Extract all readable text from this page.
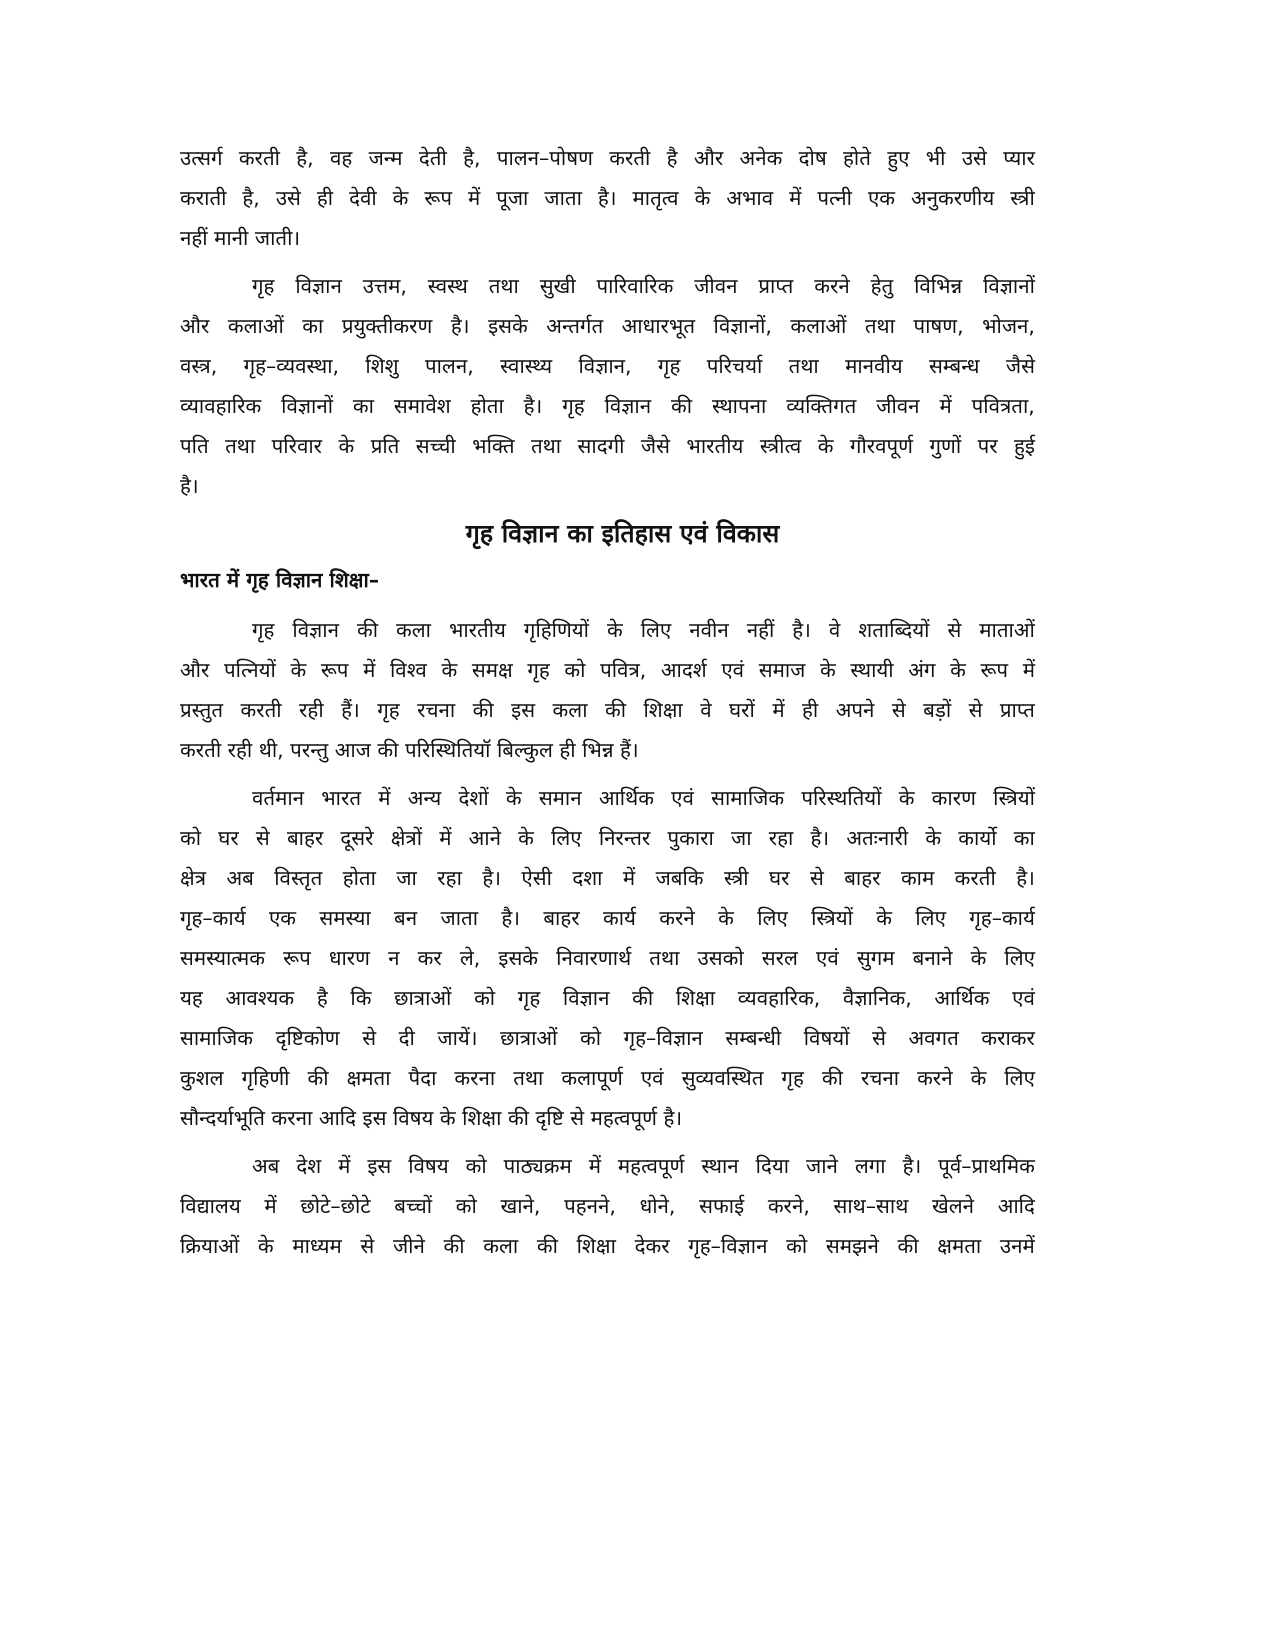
उत्सर्ग करती है, वह जन्म देती है, पालन–पोषण करती है और अनेक दोष होते हुए भी उसे प्यार
कराती है, उसे ही देवी के रूप में पूजा जाता है। मातृत्व के अभाव में पत्नी एक अनुकरणीय स्त्री
नहीं मानी जाती।
गृह विज्ञान उत्तम, स्वस्थ तथा सुखी पारिवारिक जीवन प्राप्त करने हेतु विभिन्न विज्ञानों
और कलाओं का प्रयुक्तीकरण है। इसके अन्तर्गत आधारभूत विज्ञानों, कलाओं तथा पाषण, भोजन,
वस्त्र, गृह–व्यवस्था, शिशु पालन, स्वास्थ्य विज्ञान, गृह परिचर्या तथा मानवीय सम्बन्ध जैसे
व्यावहारिक विज्ञानों का समावेश होता है। गृह विज्ञान की स्थापना व्यक्तिगत जीवन में पवित्रता,
पति तथा परिवार के प्रति सच्ची भक्ति तथा सादगी जैसे भारतीय स्त्रीत्व के गौरवपूर्ण गुणों पर हुई
है।
गृह विज्ञान का इतिहास एवं विकास
भारत में गृह विज्ञान शिक्षा–
गृह विज्ञान की कला भारतीय गृहिणियों के लिए नवीन नहीं है। वे शताब्दियों से माताओं
और पत्नियों के रूप में विश्व के समक्ष गृह को पवित्र, आदर्श एवं समाज के स्थायी अंग के रूप में
प्रस्तुत करती रही हैं। गृह रचना की इस कला की शिक्षा वे घरों में ही अपने से बड़ों से प्राप्त
करती रही थी, परन्तु आज की परिस्थितियॉ बिल्कुल ही भिन्न हैं।
वर्तमान भारत में अन्य देशों के समान आर्थिक एवं सामाजिक परिस्थतियों के कारण स्त्रियों
को घर से बाहर दूसरे क्षेत्रों में आने के लिए निरन्तर पुकारा जा रहा है। अतःनारी के कार्यो का
क्षेत्र अब विस्तृत होता जा रहा है। ऐसी दशा में जबकि स्त्री घर से बाहर काम करती है।
गृह–कार्य एक समस्या बन जाता है। बाहर कार्य करने के लिए स्त्रियों के लिए गृह–कार्य
समस्यात्मक रूप धारण न कर ले, इसके निवारणार्थ तथा उसको सरल एवं सुगम बनाने के लिए
यह आवश्यक है कि छात्राओं को गृह विज्ञान की शिक्षा व्यवहारिक, वैज्ञानिक, आर्थिक एवं
सामाजिक दृष्टिकोण से दी जायें। छात्राओं को गृह–विज्ञान सम्बन्धी विषयों से अवगत कराकर
कुशल गृहिणी की क्षमता पैदा करना तथा कलापूर्ण एवं सुव्यवस्थित गृह की रचना करने के लिए
सौन्दर्याभूति करना आदि इस विषय के शिक्षा की दृष्टि से महत्वपूर्ण है।
अब देश में इस विषय को पाठ्यक्रम में महत्वपूर्ण स्थान दिया जाने लगा है। पूर्व–प्राथमिक
विद्यालय में छोटे–छोटे बच्चों को खाने, पहनने, धोने, सफाई करने, साथ–साथ खेलने आदि
क्रियाओं के माध्यम से जीने की कला की शिक्षा देकर गृह–विज्ञान को समझने की क्षमता उनमें
